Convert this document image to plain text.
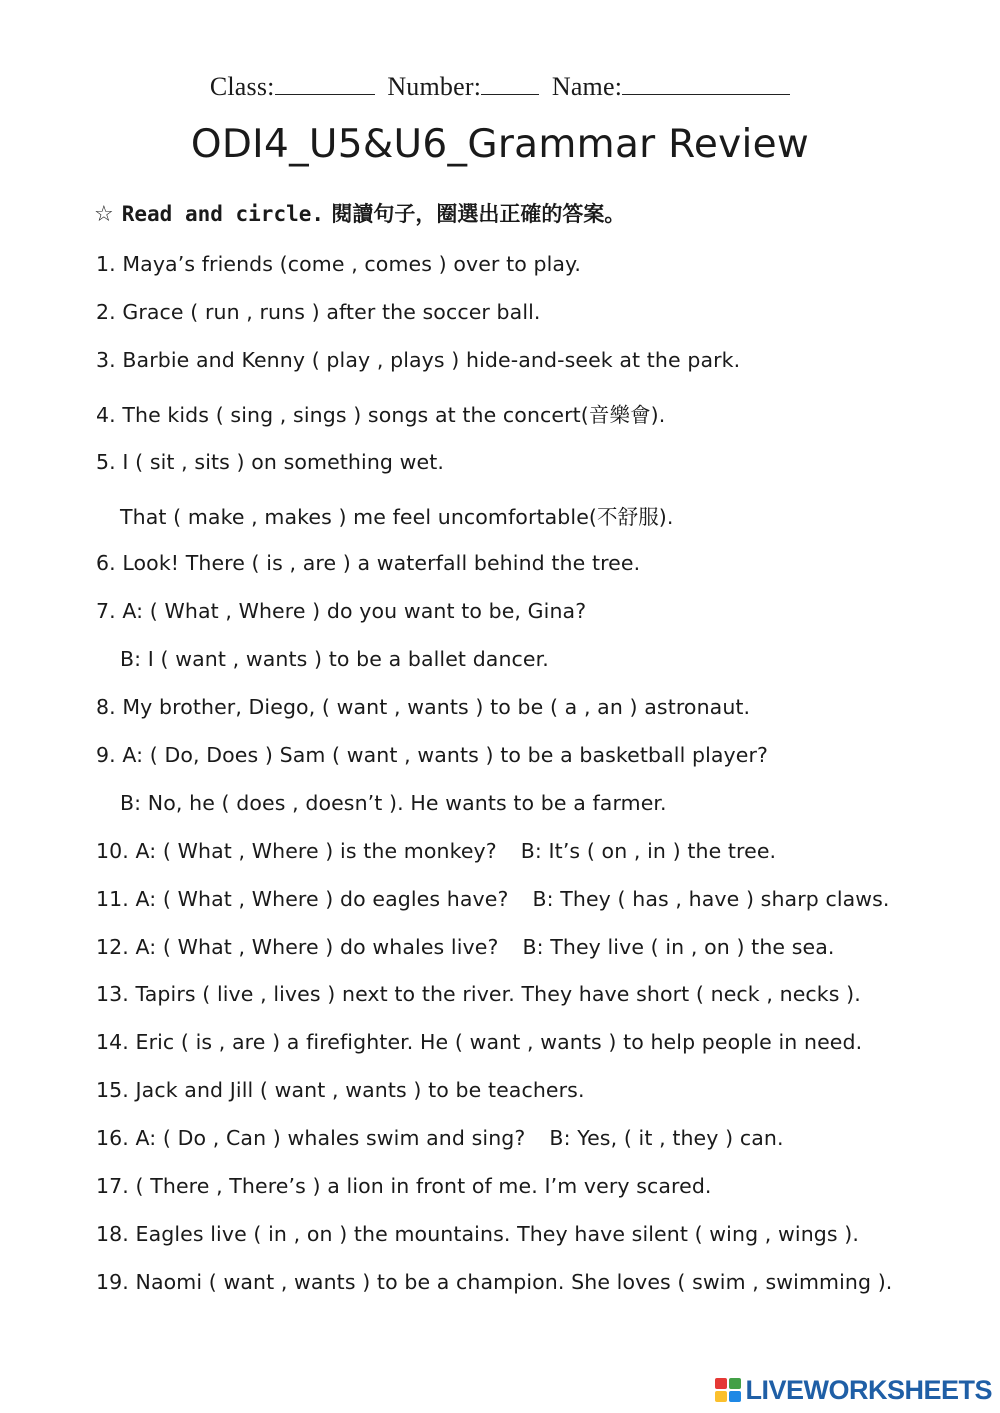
Class:	Number:	Name:
ODI4_U5&U6_Grammar Review
☆ Read and circle. 閱讀句子，圈選出正確的答案。
1. Maya’s friends (come , comes ) over to play.
2. Grace ( run , runs ) after the soccer ball.
3. Barbie and Kenny ( play , plays ) hide-and-seek at the park.
4. The kids ( sing , sings ) songs at the concert(音樂會).
5. I ( sit , sits ) on something wet.
That ( make , makes ) me feel uncomfortable(不舒服).
6. Look! There ( is , are ) a waterfall behind the tree.
7. A: ( What , Where ) do you want to be, Gina?
B: I ( want , wants ) to be a ballet dancer.
8. My brother, Diego, ( want , wants ) to be ( a , an ) astronaut.
9. A: ( Do, Does ) Sam ( want , wants ) to be a basketball player?
B: No, he ( does , doesn’t ). He wants to be a farmer.
10. A: ( What , Where ) is the monkey? B: It’s ( on , in ) the tree.
11. A: ( What , Where ) do eagles have? B: They ( has , have ) sharp claws.
12. A: ( What , Where ) do whales live? B: They live ( in , on ) the sea.
13. Tapirs ( live , lives ) next to the river. They have short ( neck , necks ).
14. Eric ( is , are ) a firefighter. He ( want , wants ) to help people in need.
15. Jack and Jill ( want , wants ) to be teachers.
16. A: ( Do , Can ) whales swim and sing? B: Yes, ( it , they ) can.
17. ( There , There’s ) a lion in front of me. I’m very scared.
18. Eagles live ( in , on ) the mountains. They have silent ( wing , wings ).
19. Naomi ( want , wants ) to be a champion. She loves ( swim , swimming ).
LIVEWORKSHEETS
